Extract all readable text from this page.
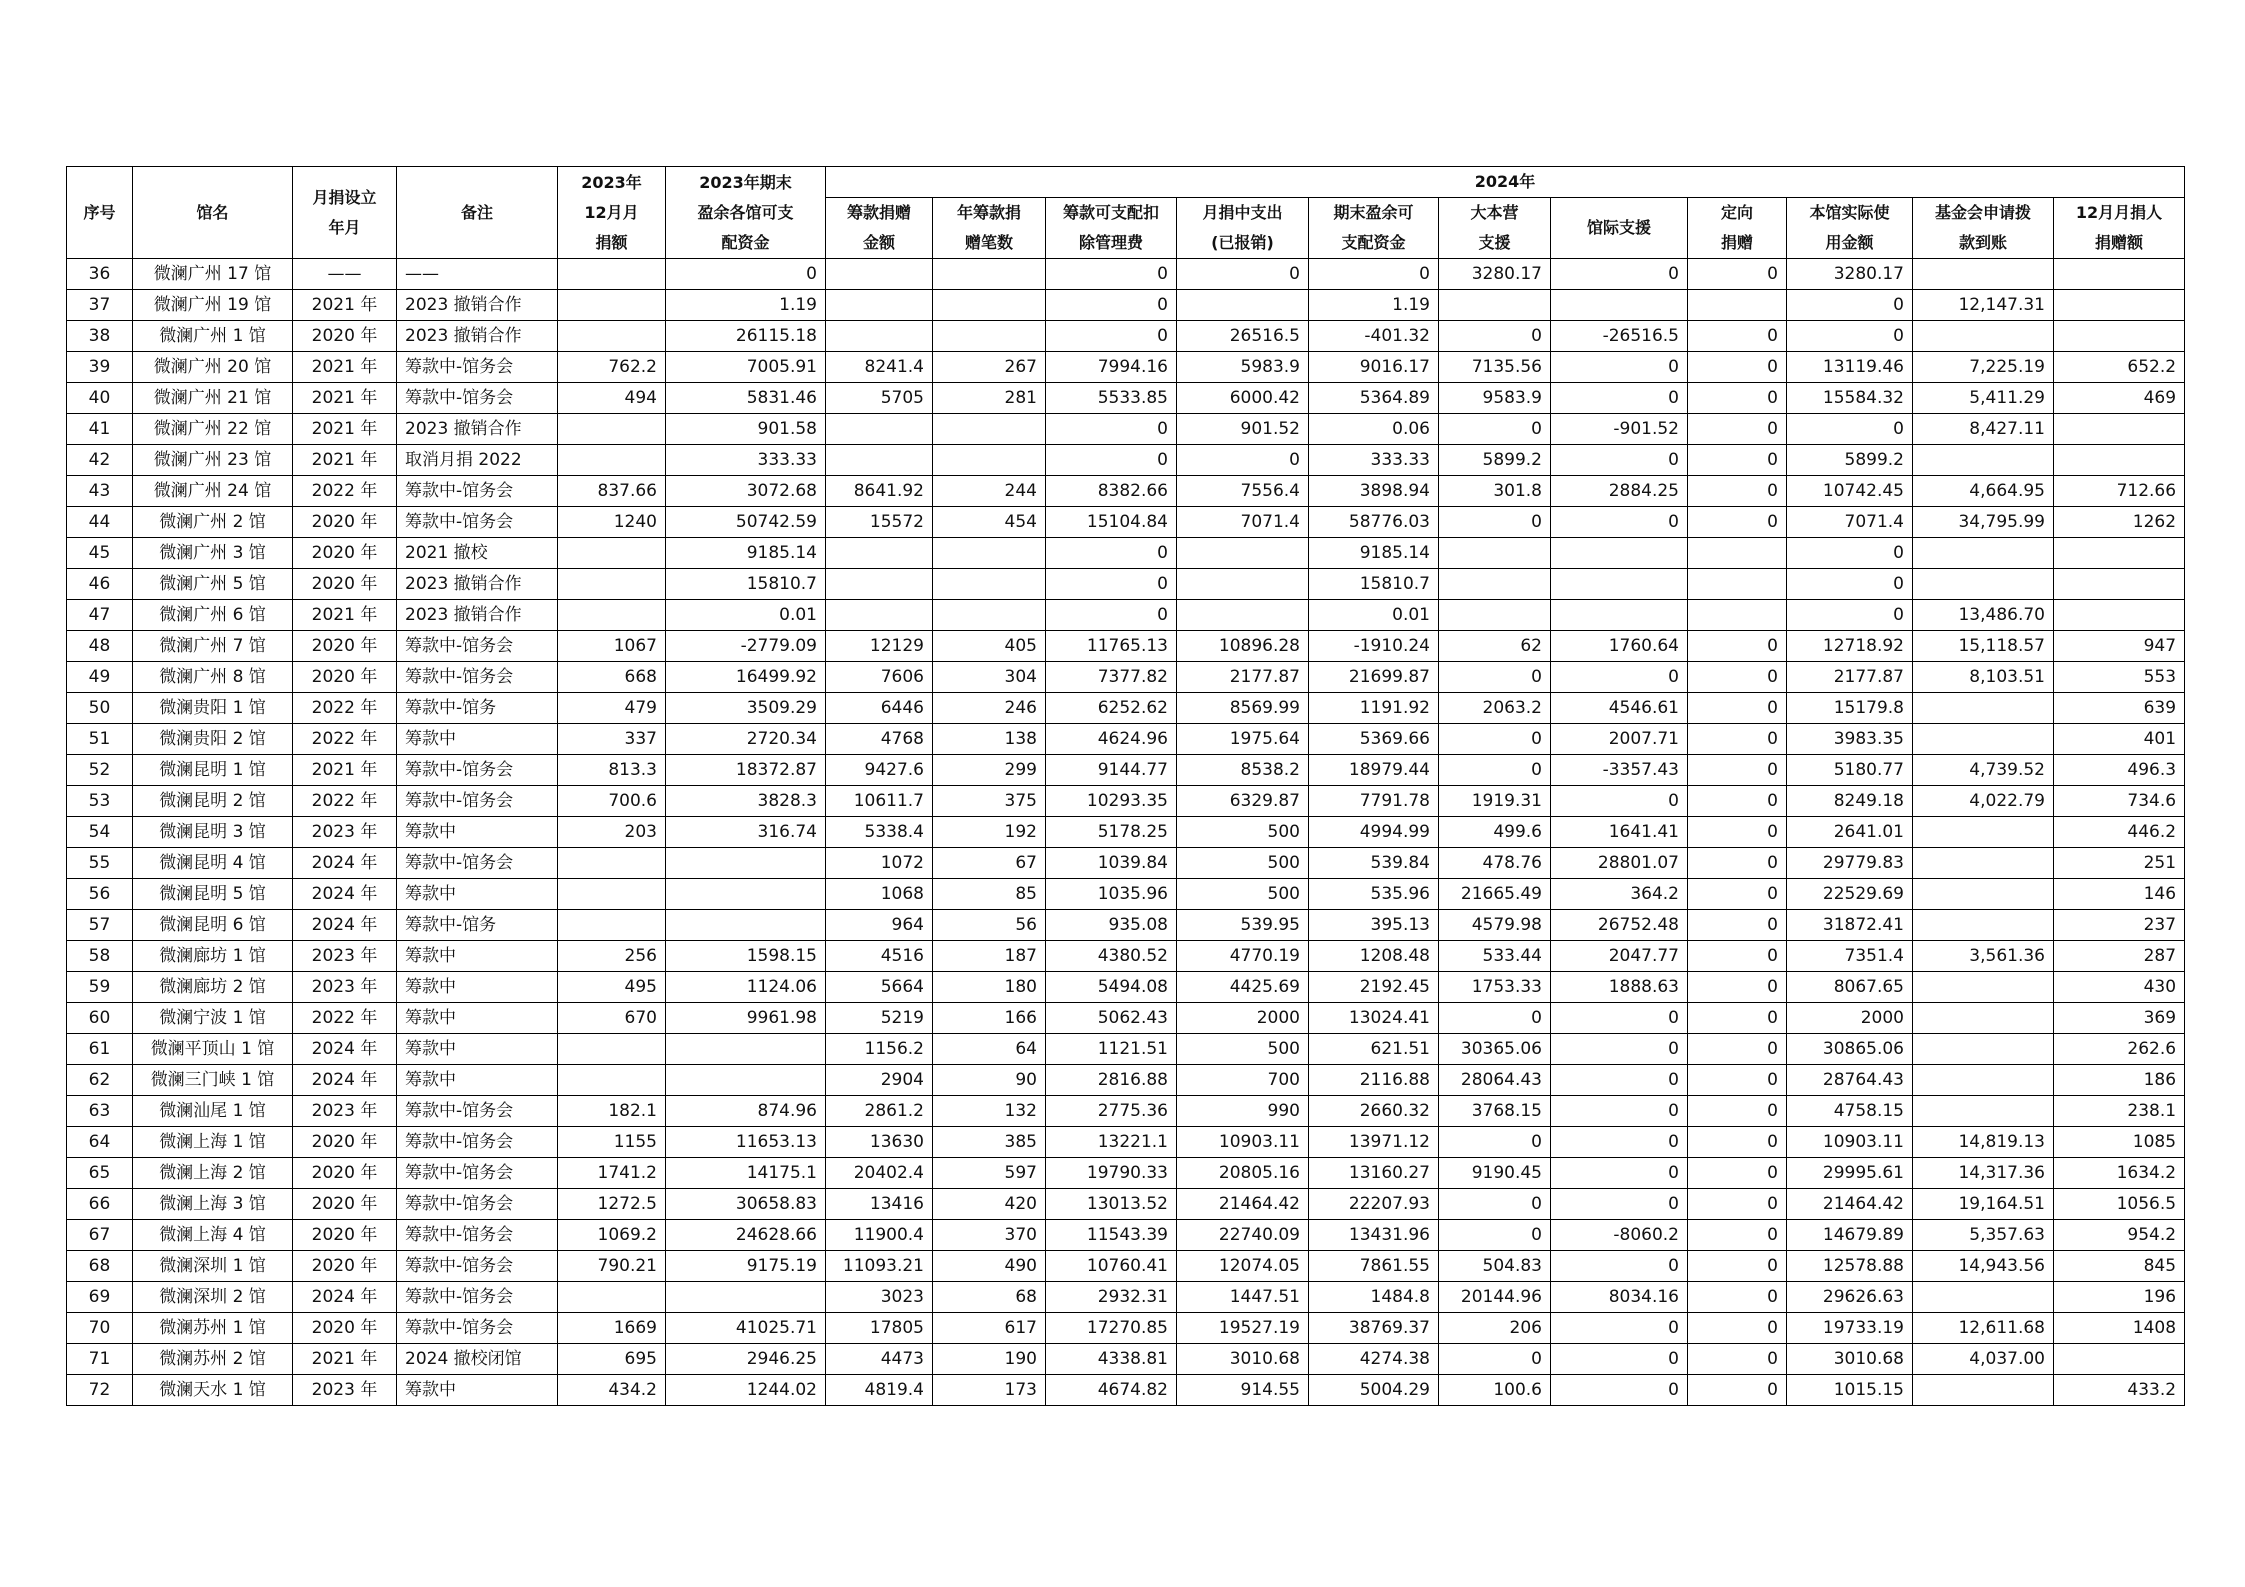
序号	馆名	月捐设立年月	备注	2023年12月月捐额	2023年期末盈余各馆可支配资金	2024年										

						筹款捐赠金额	年筹款捐赠笔数	筹款可支配扣除管理费	月捐中支出(已报销)	期末盈余可支配资金	大本营支援	馆际支援	定向捐赠	本馆实际使用金额	基金会申请拨款到账	12月月捐人捐赠额

36	微澜广州 17 馆	——	——		0			0	0	0	3280.17	0	0	3280.17		
37	微澜广州 19 馆	2021 年	2023 撤销合作		1.19			0		1.19				0	12,147.31	
38	微澜广州 1 馆	2020 年	2023 撤销合作		26115.18			0	26516.5	-401.32	0	-26516.5	0	0		
39	微澜广州 20 馆	2021 年	筹款中-馆务会	762.2	7005.91	8241.4	267	7994.16	5983.9	9016.17	7135.56	0	0	13119.46	7,225.19	652.2
40	微澜广州 21 馆	2021 年	筹款中-馆务会	494	5831.46	5705	281	5533.85	6000.42	5364.89	9583.9	0	0	15584.32	5,411.29	469
41	微澜广州 22 馆	2021 年	2023 撤销合作		901.58			0	901.52	0.06	0	-901.52	0	0	8,427.11	
42	微澜广州 23 馆	2021 年	取消月捐 2022		333.33			0	0	333.33	5899.2	0	0	5899.2		
43	微澜广州 24 馆	2022 年	筹款中-馆务会	837.66	3072.68	8641.92	244	8382.66	7556.4	3898.94	301.8	2884.25	0	10742.45	4,664.95	712.66
44	微澜广州 2 馆	2020 年	筹款中-馆务会	1240	50742.59	15572	454	15104.84	7071.4	58776.03	0	0	0	7071.4	34,795.99	1262
45	微澜广州 3 馆	2020 年	2021 撤校		9185.14			0		9185.14				0		
46	微澜广州 5 馆	2020 年	2023 撤销合作		15810.7			0		15810.7				0		
47	微澜广州 6 馆	2021 年	2023 撤销合作		0.01			0		0.01				0	13,486.70	
48	微澜广州 7 馆	2020 年	筹款中-馆务会	1067	-2779.09	12129	405	11765.13	10896.28	-1910.24	62	1760.64	0	12718.92	15,118.57	947
49	微澜广州 8 馆	2020 年	筹款中-馆务会	668	16499.92	7606	304	7377.82	2177.87	21699.87	0	0	0	2177.87	8,103.51	553
50	微澜贵阳 1 馆	2022 年	筹款中-馆务	479	3509.29	6446	246	6252.62	8569.99	1191.92	2063.2	4546.61	0	15179.8		639
51	微澜贵阳 2 馆	2022 年	筹款中	337	2720.34	4768	138	4624.96	1975.64	5369.66	0	2007.71	0	3983.35		401
52	微澜昆明 1 馆	2021 年	筹款中-馆务会	813.3	18372.87	9427.6	299	9144.77	8538.2	18979.44	0	-3357.43	0	5180.77	4,739.52	496.3
53	微澜昆明 2 馆	2022 年	筹款中-馆务会	700.6	3828.3	10611.7	375	10293.35	6329.87	7791.78	1919.31	0	0	8249.18	4,022.79	734.6
54	微澜昆明 3 馆	2023 年	筹款中	203	316.74	5338.4	192	5178.25	500	4994.99	499.6	1641.41	0	2641.01		446.2
55	微澜昆明 4 馆	2024 年	筹款中-馆务会			1072	67	1039.84	500	539.84	478.76	28801.07	0	29779.83		251
56	微澜昆明 5 馆	2024 年	筹款中			1068	85	1035.96	500	535.96	21665.49	364.2	0	22529.69		146
57	微澜昆明 6 馆	2024 年	筹款中-馆务			964	56	935.08	539.95	395.13	4579.98	26752.48	0	31872.41		237
58	微澜廊坊 1 馆	2023 年	筹款中	256	1598.15	4516	187	4380.52	4770.19	1208.48	533.44	2047.77	0	7351.4	3,561.36	287
59	微澜廊坊 2 馆	2023 年	筹款中	495	1124.06	5664	180	5494.08	4425.69	2192.45	1753.33	1888.63	0	8067.65		430
60	微澜宁波 1 馆	2022 年	筹款中	670	9961.98	5219	166	5062.43	2000	13024.41	0	0	0	2000		369
61	微澜平顶山 1 馆	2024 年	筹款中			1156.2	64	1121.51	500	621.51	30365.06	0	0	30865.06		262.6
62	微澜三门峡 1 馆	2024 年	筹款中			2904	90	2816.88	700	2116.88	28064.43	0	0	28764.43		186
63	微澜汕尾 1 馆	2023 年	筹款中-馆务会	182.1	874.96	2861.2	132	2775.36	990	2660.32	3768.15	0	0	4758.15		238.1
64	微澜上海 1 馆	2020 年	筹款中-馆务会	1155	11653.13	13630	385	13221.1	10903.11	13971.12	0	0	0	10903.11	14,819.13	1085
65	微澜上海 2 馆	2020 年	筹款中-馆务会	1741.2	14175.1	20402.4	597	19790.33	20805.16	13160.27	9190.45	0	0	29995.61	14,317.36	1634.2
66	微澜上海 3 馆	2020 年	筹款中-馆务会	1272.5	30658.83	13416	420	13013.52	21464.42	22207.93	0	0	0	21464.42	19,164.51	1056.5
67	微澜上海 4 馆	2020 年	筹款中-馆务会	1069.2	24628.66	11900.4	370	11543.39	22740.09	13431.96	0	-8060.2	0	14679.89	5,357.63	954.2
68	微澜深圳 1 馆	2020 年	筹款中-馆务会	790.21	9175.19	11093.21	490	10760.41	12074.05	7861.55	504.83	0	0	12578.88	14,943.56	845
69	微澜深圳 2 馆	2024 年	筹款中-馆务会			3023	68	2932.31	1447.51	1484.8	20144.96	8034.16	0	29626.63		196
70	微澜苏州 1 馆	2020 年	筹款中-馆务会	1669	41025.71	17805	617	17270.85	19527.19	38769.37	206	0	0	19733.19	12,611.68	1408
71	微澜苏州 2 馆	2021 年	2024 撤校闭馆	695	2946.25	4473	190	4338.81	3010.68	4274.38	0	0	0	3010.68	4,037.00	
72	微澜天水 1 馆	2023 年	筹款中	434.2	1244.02	4819.4	173	4674.82	914.55	5004.29	100.6	0	0	1015.15		433.2
